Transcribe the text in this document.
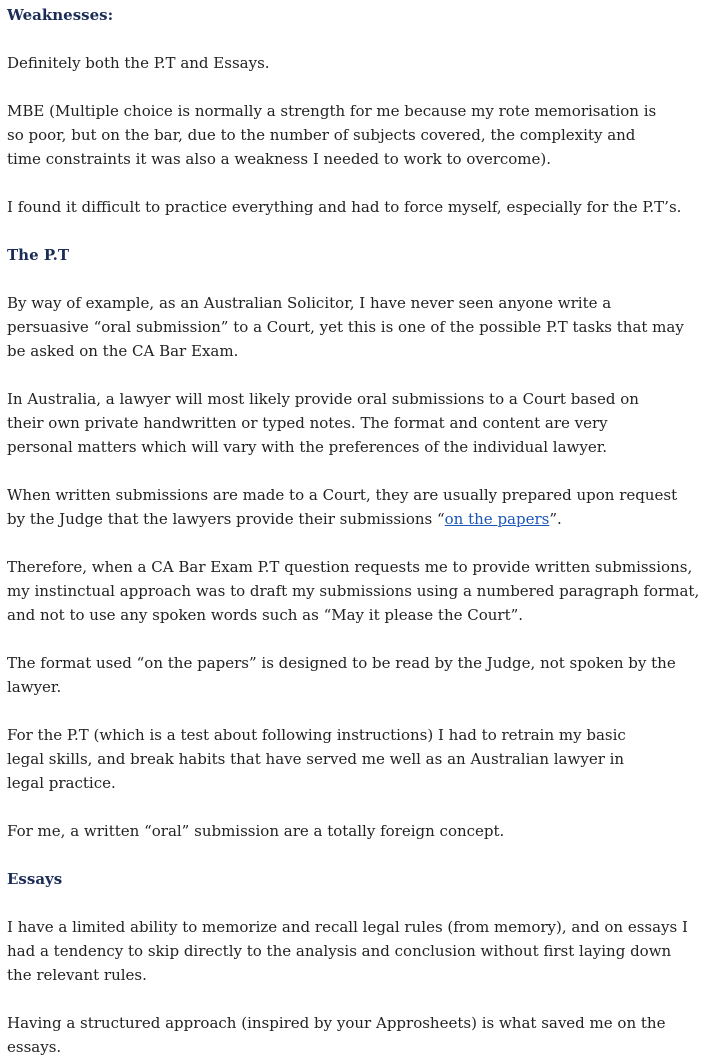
Weaknesses:

Definitely both the P.T and Essays.

MBE (Multiple choice is normally a strength for me because my rote memorisation is so poor, but on the bar, due to the number of subjects covered, the complexity and time constraints it was also a weakness I needed to work to overcome).

I found it difficult to practice everything and had to force myself, especially for the P.T’s.

The P.T

By way of example, as an Australian Solicitor, I have never seen anyone write a persuasive “oral submission” to a Court, yet this is one of the possible P.T tasks that may be asked on the CA Bar Exam.

In Australia, a lawyer will most likely provide oral submissions to a Court based on their own private handwritten or typed notes. The format and content are very personal matters which will vary with the preferences of the individual lawyer.

When written submissions are made to a Court, they are usually prepared upon request by the Judge that the lawyers provide their submissions “on the papers”.

Therefore, when a CA Bar Exam P.T question requests me to provide written submissions, my instinctual approach was to draft my submissions using a numbered paragraph format, and not to use any spoken words such as “May it please the Court”.

The format used “on the papers” is designed to be read by the Judge, not spoken by the lawyer.

For the P.T (which is a test about following instructions) I had to retrain my basic legal skills, and break habits that have served me well as an Australian lawyer in legal practice.

For me, a written “oral” submission are a totally foreign concept.

Essays

I have a limited ability to memorize and recall legal rules (from memory), and on essays I had a tendency to skip directly to the analysis and conclusion without first laying down the relevant rules.

Having a structured approach (inspired by your Approsheets) is what saved me on the essays.
